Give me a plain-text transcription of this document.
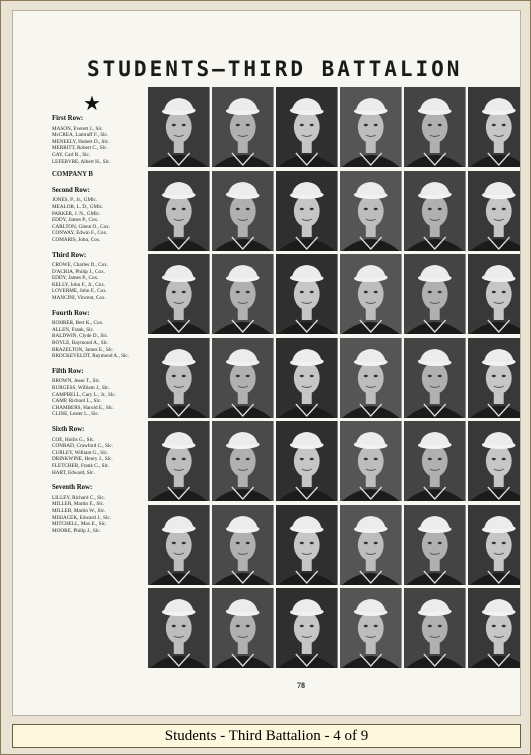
STUDENTS—THIRD BATTALION
★
First Row:
MASON, Everett J., Slc.
McCREA, Lamruff F., Slc.
MENEELY, Hubert D., Slc.
MERRITT, Robert C., Slc.
GAY, Carl R., Slc.
LEFEBVRE, Albert H., Slc.
COMPANY B
Second Row:
JONES, P., Jr., GMlc.
MEALOR, L. D., GMlc.
PARKER, J. N., GMlc.
EDDY, James P., Cox.
CARLTON, Glenn O., Cox.
CONWAY, Edwin F., Cox.
COMARIS, John, Cox.
Third Row:
CROWE, Charles D., Cox.
D'ACRIA, Philip J., Cox.
EDDY, James P., Cox.
KELLY, John F., Jr., Cox.
LOVERME, John F., Cox.
MANCINI, Vincent, Cox.
Fourth Row:
ROHRER, Bert K., Cox.
ALLEN, Frank, Slc.
BALDWIN, Clyde D., Slc.
BOYLE, Raymond A., Slc.
BRAZELTON, James E., Slc.
BROCKEVELDT, Raymond A., Slc.
Fifth Row:
BROWN, Jesse T., Slc.
BURGESS, William J., Slc.
CAMPBELL, Cary L., Jr., Slc.
CAMP, Richard L., Slc.
CHAMBERS, Harold E., Slc.
CLINE, Lester L., Slc.
Sixth Row:
COE, Hollis G., Slc.
CONRAD, Crawford C., Slc.
CURLEY, William G., Slc.
DRINKWINE, Henry J., Slc.
FLETCHER, Frank C., Slc.
HART, Edward, Slc.
Seventh Row:
LILLEY, Richard C., Slc.
MILLER, Martin E., Slc.
MILLER, Martin W., Slc.
MISIACEK, Edward J., Slc.
MITCHELL, Max E., Slc.
MOORE, Philip J., Slc.
78
Students - Third Battalion - 4 of 9
